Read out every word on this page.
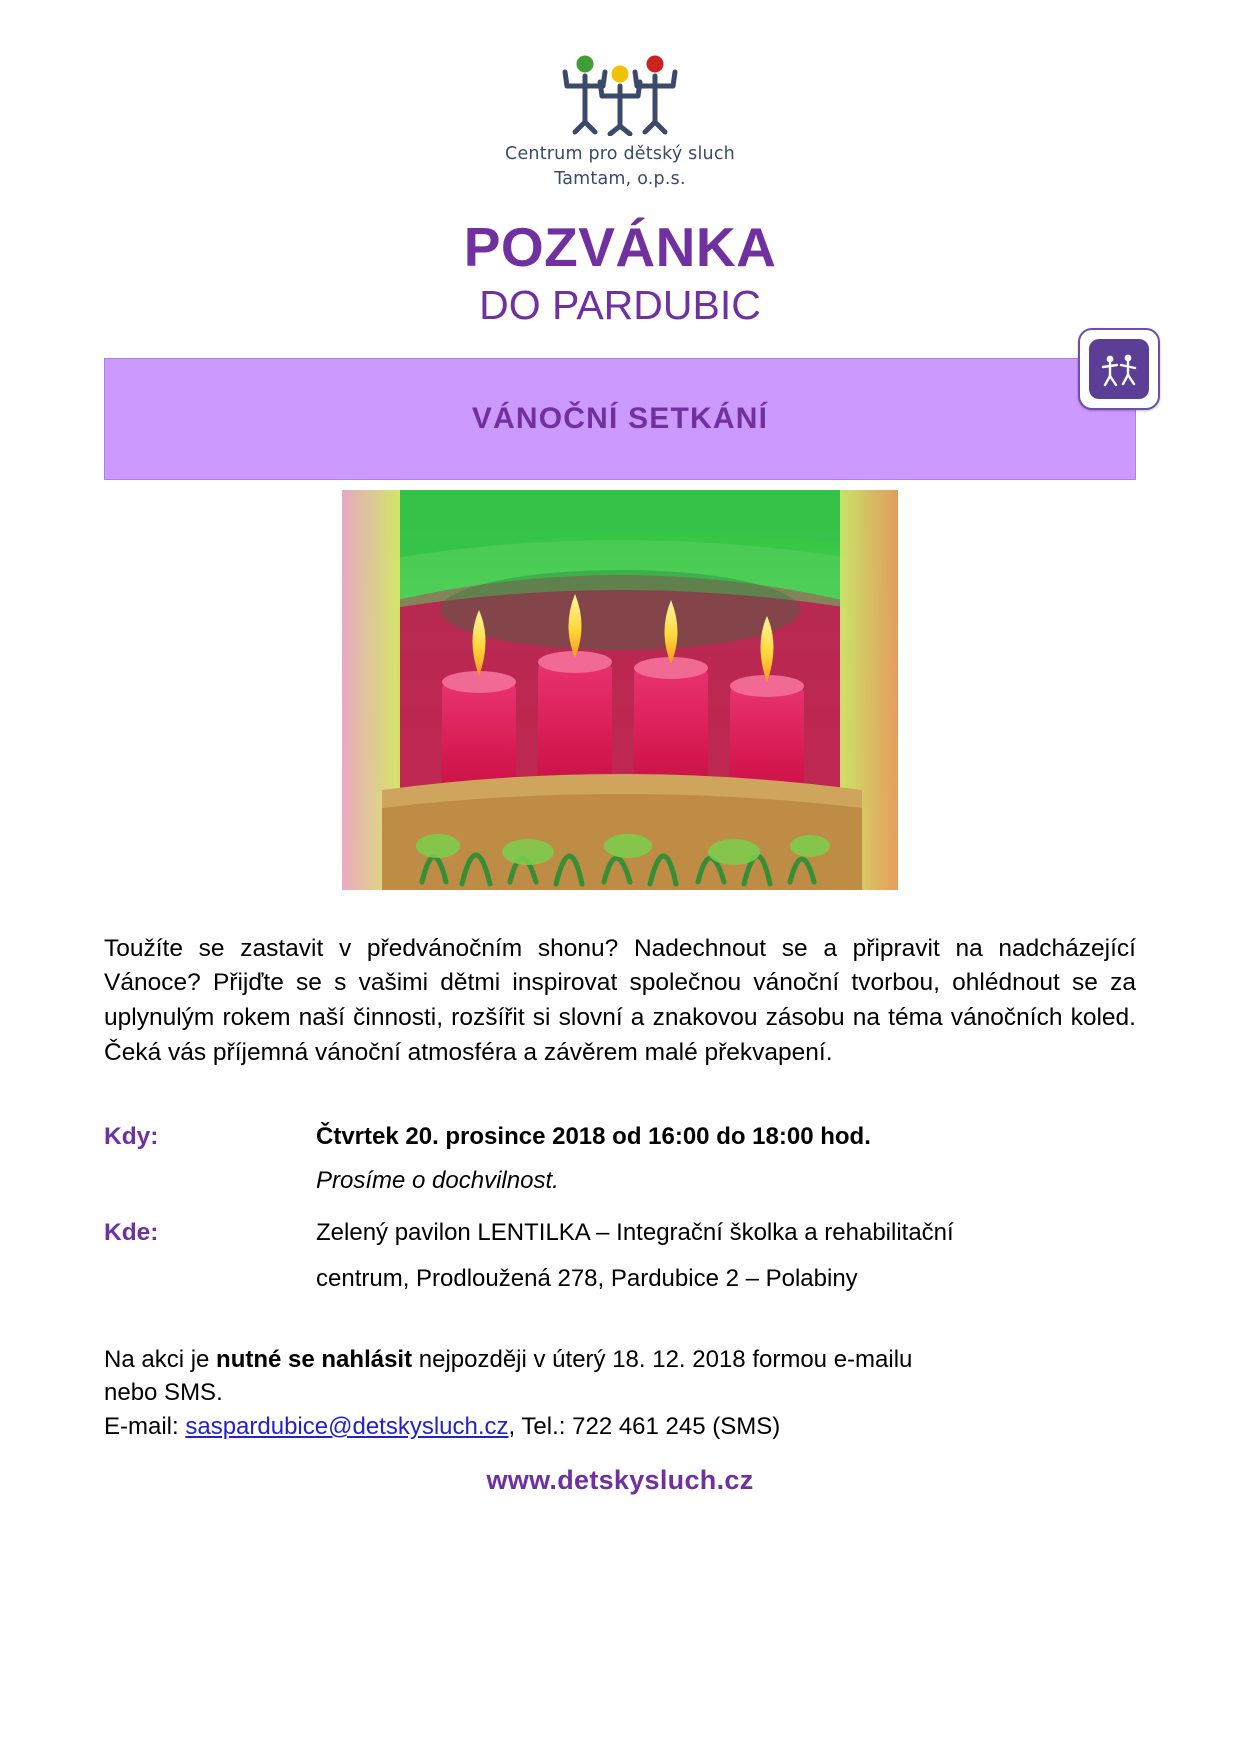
Centrum pro dětský sluch
Tamtam, o.p.s.
POZVÁNKA
DO PARDUBIC
VÁNOČNÍ SETKÁNÍ

Toužíte se zastavit v předvánočním shonu? Nadechnout se a připravit na nadcházející Vánoce? Přijďte se s vašimi dětmi inspirovat společnou vánoční tvorbou, ohlédnout se za uplynulým rokem naší činnosti, rozšířit si slovní a znakovou zásobu na téma vánočních koled. Čeká vás příjemná vánoční atmosféra a závěrem malé překvapení.

Kdy:	Čtvrtek 20. prosince 2018 od 16:00 do 18:00 hod.
Prosíme o dochvilnost.
Kde:	Zelený pavilon LENTILKA – Integrační školka a rehabilitační
centrum, Prodloužená 278, Pardubice 2 – Polabiny
Na akci je nutné se nahlásit nejpozději v úterý 18. 12. 2018 formou e-mailu
nebo SMS.
E-mail: saspardubice@detskysluch.cz, Tel.: 722 461 245 (SMS)
www.detskysluch.cz
